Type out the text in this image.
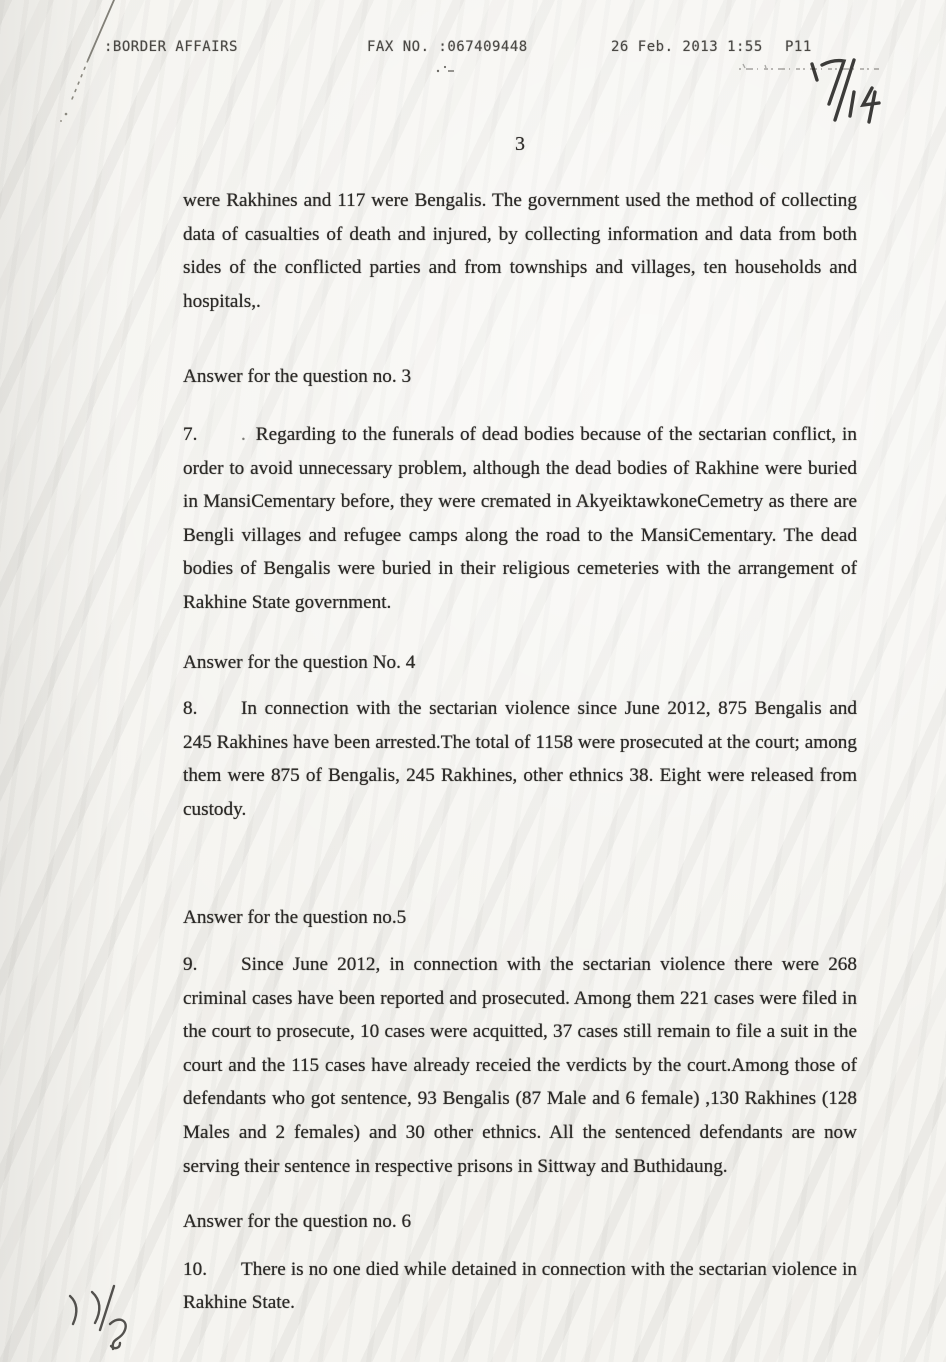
:BORDER AFFAIRS	FAX NO. :067409448	26 Feb. 2013 1:55 P11
3

were Rakhines and 117 were Bengalis. The government used the method of collecting data of casualties of death and injured, by collecting information and data from both sides of the conflicted parties and from townships and villages, ten households and hospitals,.

Answer for the question no. 3

7. . Regarding to the funerals of dead bodies because of the sectarian conflict, in order to avoid unnecessary problem, although the dead bodies of Rakhine were buried in MansiCementary before, they were cremated in AkyeiktawkoneCemetry as there are Bengli villages and refugee camps along the road to the MansiCementary. The dead bodies of Bengalis were buried in their religious cemeteries with the arrangement of Rakhine State government.

Answer for the question No. 4

8. In connection with the sectarian violence since June 2012, 875 Bengalis and 245 Rakhines have been arrested.The total of 1158 were prosecuted at the court; among them were 875 of Bengalis, 245 Rakhines, other ethnics 38. Eight were released from custody.

Answer for the question no.5

9. Since June 2012, in connection with the sectarian violence there were 268 criminal cases have been reported and prosecuted. Among them 221 cases were filed in the court to prosecute, 10 cases were acquitted, 37 cases still remain to file a suit in the court and the 115 cases have already receied the verdicts by the court.Among those of defendants who got sentence, 93 Bengalis (87 Male and 6 female) ,130 Rakhines (128 Males and 2 females) and 30 other ethnics. All the sentenced defendants are now serving their sentence in respective prisons in Sittway and Buthidaung.

Answer for the question no. 6

10. There is no one died while detained in connection with the sectarian violence in Rakhine State.
